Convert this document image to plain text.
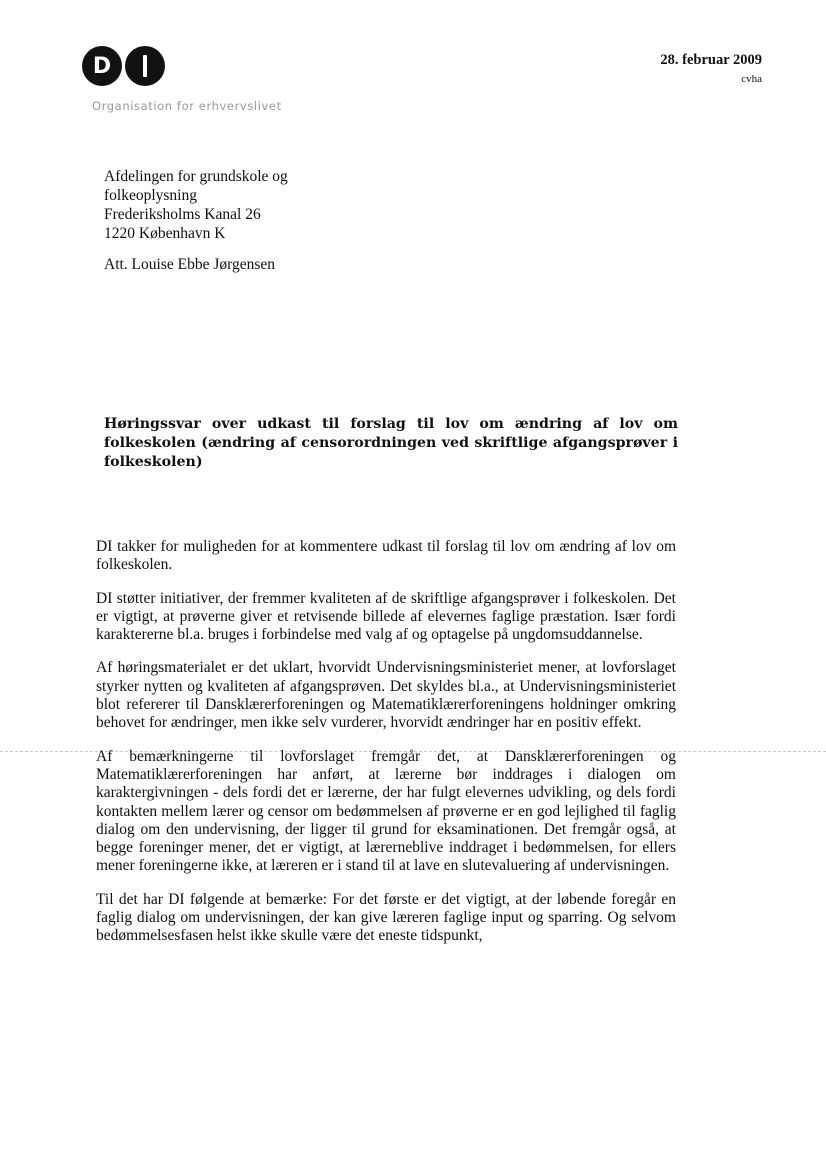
D
Organisation for erhvervslivet
28. februar 2009
cvha
Afdelingen for grundskole og
folkeoplysning
Frederiksholms Kanal 26
1220 København K
Att. Louise Ebbe Jørgensen
Høringssvar over udkast til forslag til lov om ændring af lov om folkeskolen (ændring af censorordningen ved skriftlige afgangsprøver i folkeskolen)

DI takker for muligheden for at kommentere udkast til forslag til lov om ændring af lov om folkeskolen.

DI støtter initiativer, der fremmer kvaliteten af de skriftlige afgangsprøver i folkeskolen. Det er vigtigt, at prøverne giver et retvisende billede af elevernes faglige præstation. Især fordi karaktererne bl.a. bruges i forbindelse med valg af og optagelse på ungdomsuddannelse.

Af høringsmaterialet er det uklart, hvorvidt Undervisningsministeriet mener, at lovforslaget styrker nytten og kvaliteten af afgangsprøven. Det skyldes bl.a., at Undervisningsministeriet blot refererer til Dansklærerforeningen og Matematiklærerforeningens holdninger omkring behovet for ændringer, men ikke selv vurderer, hvorvidt ændringer har en positiv effekt.

Af bemærkningerne til lovforslaget fremgår det, at Dansklærerforeningen og Matematiklærerforeningen har anført, at lærerne bør inddrages i dialogen om karaktergivningen - dels fordi det er lærerne, der har fulgt elevernes udvikling, og dels fordi kontakten mellem lærer og censor om bedømmelsen af prøverne er en god lejlighed til faglig dialog om den undervisning, der ligger til grund for eksaminationen. Det fremgår også, at begge foreninger mener, det er vigtigt, at lærerneblive inddraget i bedømmelsen, for ellers mener foreningerne ikke, at læreren er i stand til at lave en slutevaluering af undervisningen.

Til det har DI følgende at bemærke: For det første er det vigtigt, at der løbende foregår en faglig dialog om undervisningen, der kan give læreren faglige input og sparring. Og selvom bedømmelsesfasen helst ikke skulle være det eneste tidspunkt,
